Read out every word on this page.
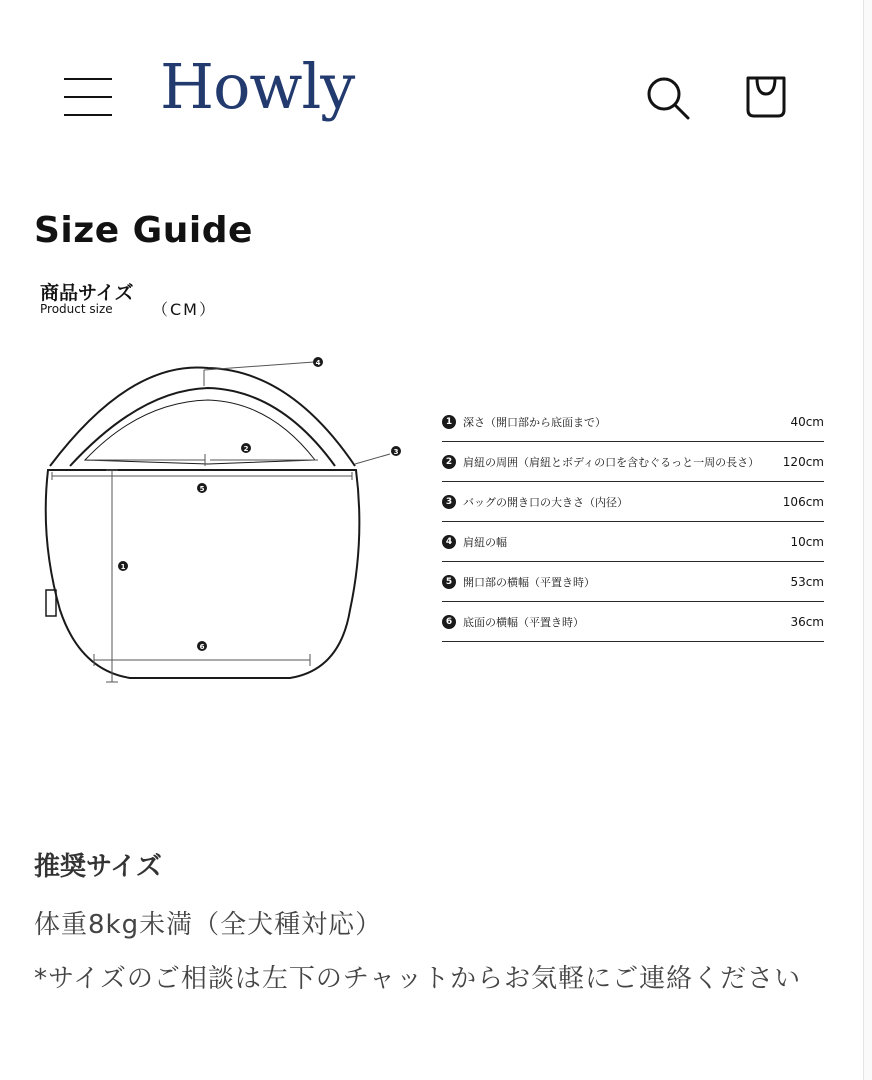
Howly
Size Guide
商品サイズ
Product size （CM）
4
2	3
5
1
6
1 深さ（開口部から底面まで）	40cm
2 肩紐の周囲（肩紐とボディの口を含むぐるっと一周の長さ） 120cm
3 バッグの開き口の大きさ（内径）	106cm
4 肩紐の幅	10cm
5 開口部の横幅（平置き時）	53cm
6 底面の横幅（平置き時）	36cm
推奨サイズ

体重8kg未満（全犬種対応）

*サイズのご相談は左下のチャットからお気軽にご連絡ください
